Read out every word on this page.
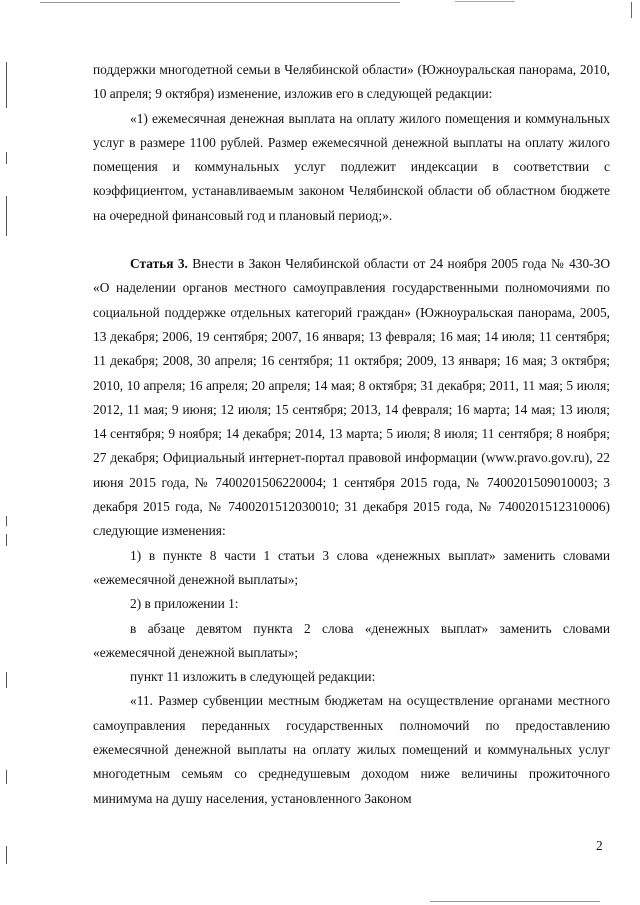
поддержки многодетной семьи в Челябинской области» (Южноуральская панорама, 2010, 10 апреля; 9 октября) изменение, изложив его в следующей редакции:

«1) ежемесячная денежная выплата на оплату жилого помещения и коммунальных услуг в размере 1100 рублей. Размер ежемесячной денежной выплаты на оплату жилого помещения и коммунальных услуг подлежит индексации в соответствии с коэффициентом, устанавливаемым законом Челябинской области об областном бюджете на очередной финансовый год и плановый период;».

Статья 3. Внести в Закон Челябинской области от 24 ноября 2005 года № 430-ЗО «О наделении органов местного самоуправления государственными полномочиями по социальной поддержке отдельных категорий граждан» (Южноуральская панорама, 2005, 13 декабря; 2006, 19 сентября; 2007, 16 января; 13 февраля; 16 мая; 14 июля; 11 сентября; 11 декабря; 2008, 30 апреля; 16 сентября; 11 октября; 2009, 13 января; 16 мая; 3 октября; 2010, 10 апреля; 16 апреля; 20 апреля; 14 мая; 8 октября; 31 декабря; 2011, 11 мая; 5 июля; 2012, 11 мая; 9 июня; 12 июля; 15 сентября; 2013, 14 февраля; 16 марта; 14 мая; 13 июля; 14 сентября; 9 ноября; 14 декабря; 2014, 13 марта; 5 июля; 8 июля; 11 сентября; 8 ноября; 27 декабря; Официальный интернет-портал правовой информации (www.pravo.gov.ru), 22 июня 2015 года, № 7400201506220004; 1 сентября 2015 года, № 7400201509010003; 3 декабря 2015 года, № 7400201512030010; 31 декабря 2015 года, № 7400201512310006) следующие изменения:

1) в пункте 8 части 1 статьи 3 слова «денежных выплат» заменить словами «ежемесячной денежной выплаты»;

2) в приложении 1:

в абзаце девятом пункта 2 слова «денежных выплат» заменить словами «ежемесячной денежной выплаты»;

пункт 11 изложить в следующей редакции:

«11. Размер субвенции местным бюджетам на осуществление органами местного самоуправления переданных государственных полномочий по предоставлению ежемесячной денежной выплаты на оплату жилых помещений и коммунальных услуг многодетным семьям со среднедушевым доходом ниже величины прожиточного минимума на душу населения, установленного Законом

2
